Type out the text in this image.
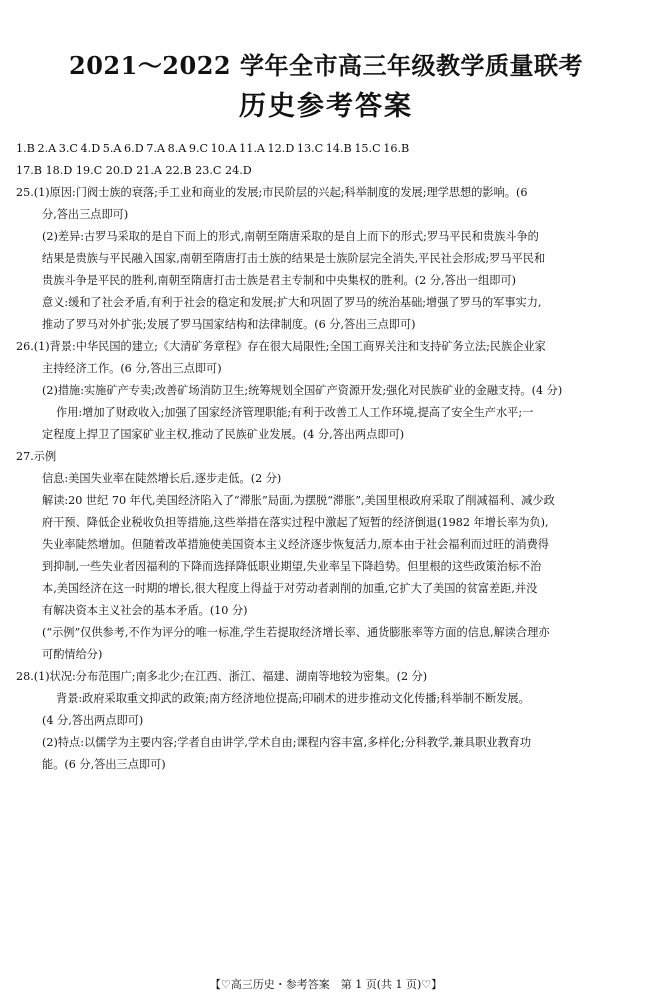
2021～2022 学年全市高三年级教学质量联考
历史参考答案

1.B 2.A 3.C 4.D 5.A 6.D 7.A 8.A 9.C 10.A 11.A 12.D 13.C 14.B 15.C 16.B

17.B 18.D 19.C 20.D 21.A 22.B 23.C 24.D

25.(1)原因:门阀士族的衰落;手工业和商业的发展;市民阶层的兴起;科举制度的发展;理学思想的影响。(6

分,答出三点即可)

(2)差异:古罗马采取的是自下而上的形式,南朝至隋唐采取的是自上而下的形式;罗马平民和贵族斗争的

结果是贵族与平民融入国家,南朝至隋唐打击士族的结果是士族阶层完全消失,平民社会形成;罗马平民和

贵族斗争是平民的胜利,南朝至隋唐打击士族是君主专制和中央集权的胜利。(2 分,答出一组即可)

意义:缓和了社会矛盾,有利于社会的稳定和发展;扩大和巩固了罗马的统治基础;增强了罗马的军事实力,

推动了罗马对外扩张;发展了罗马国家结构和法律制度。(6 分,答出三点即可)

26.(1)背景:中华民国的建立;《大清矿务章程》存在很大局限性;全国工商界关注和支持矿务立法;民族企业家

主持经济工作。(6 分,答出三点即可)

(2)措施:实施矿产专卖;改善矿场消防卫生;统筹规划全国矿产资源开发;强化对民族矿业的金融支持。(4 分)

作用:增加了财政收入;加强了国家经济管理职能;有利于改善工人工作环境,提高了安全生产水平;一

定程度上捍卫了国家矿业主权,推动了民族矿业发展。(4 分,答出两点即可)

27.示例

信息:美国失业率在陡然增长后,逐步走低。(2 分)

解读:20 世纪 70 年代,美国经济陷入了“滞胀”局面,为摆脱“滞胀”,美国里根政府采取了削减福利、减少政

府干预、降低企业税收负担等措施,这些举措在落实过程中激起了短暂的经济倒退(1982 年增长率为负),

失业率陡然增加。但随着改革措施使美国资本主义经济逐步恢复活力,原本由于社会福利而过旺的消费得

到抑制,一些失业者因福利的下降而选择降低职业期望,失业率呈下降趋势。但里根的这些政策治标不治

本,美国经济在这一时期的增长,很大程度上得益于对劳动者剥削的加重,它扩大了美国的贫富差距,并没

有解决资本主义社会的基本矛盾。(10 分)

(“示例”仅供参考,不作为评分的唯一标准,学生若提取经济增长率、通货膨胀率等方面的信息,解读合理亦

可酌情给分)

28.(1)状况:分布范围广;南多北少;在江西、浙江、福建、湖南等地较为密集。(2 分)

背景:政府采取重文抑武的政策;南方经济地位提高;印刷术的进步推动文化传播;科举制不断发展。

(4 分,答出两点即可)

(2)特点:以儒学为主要内容;学者自由讲学,学术自由;课程内容丰富,多样化;分科教学,兼具职业教育功

能。(6 分,答出三点即可)

【♡高三历史・参考答案　第 1 页(共 1 页)♡】
